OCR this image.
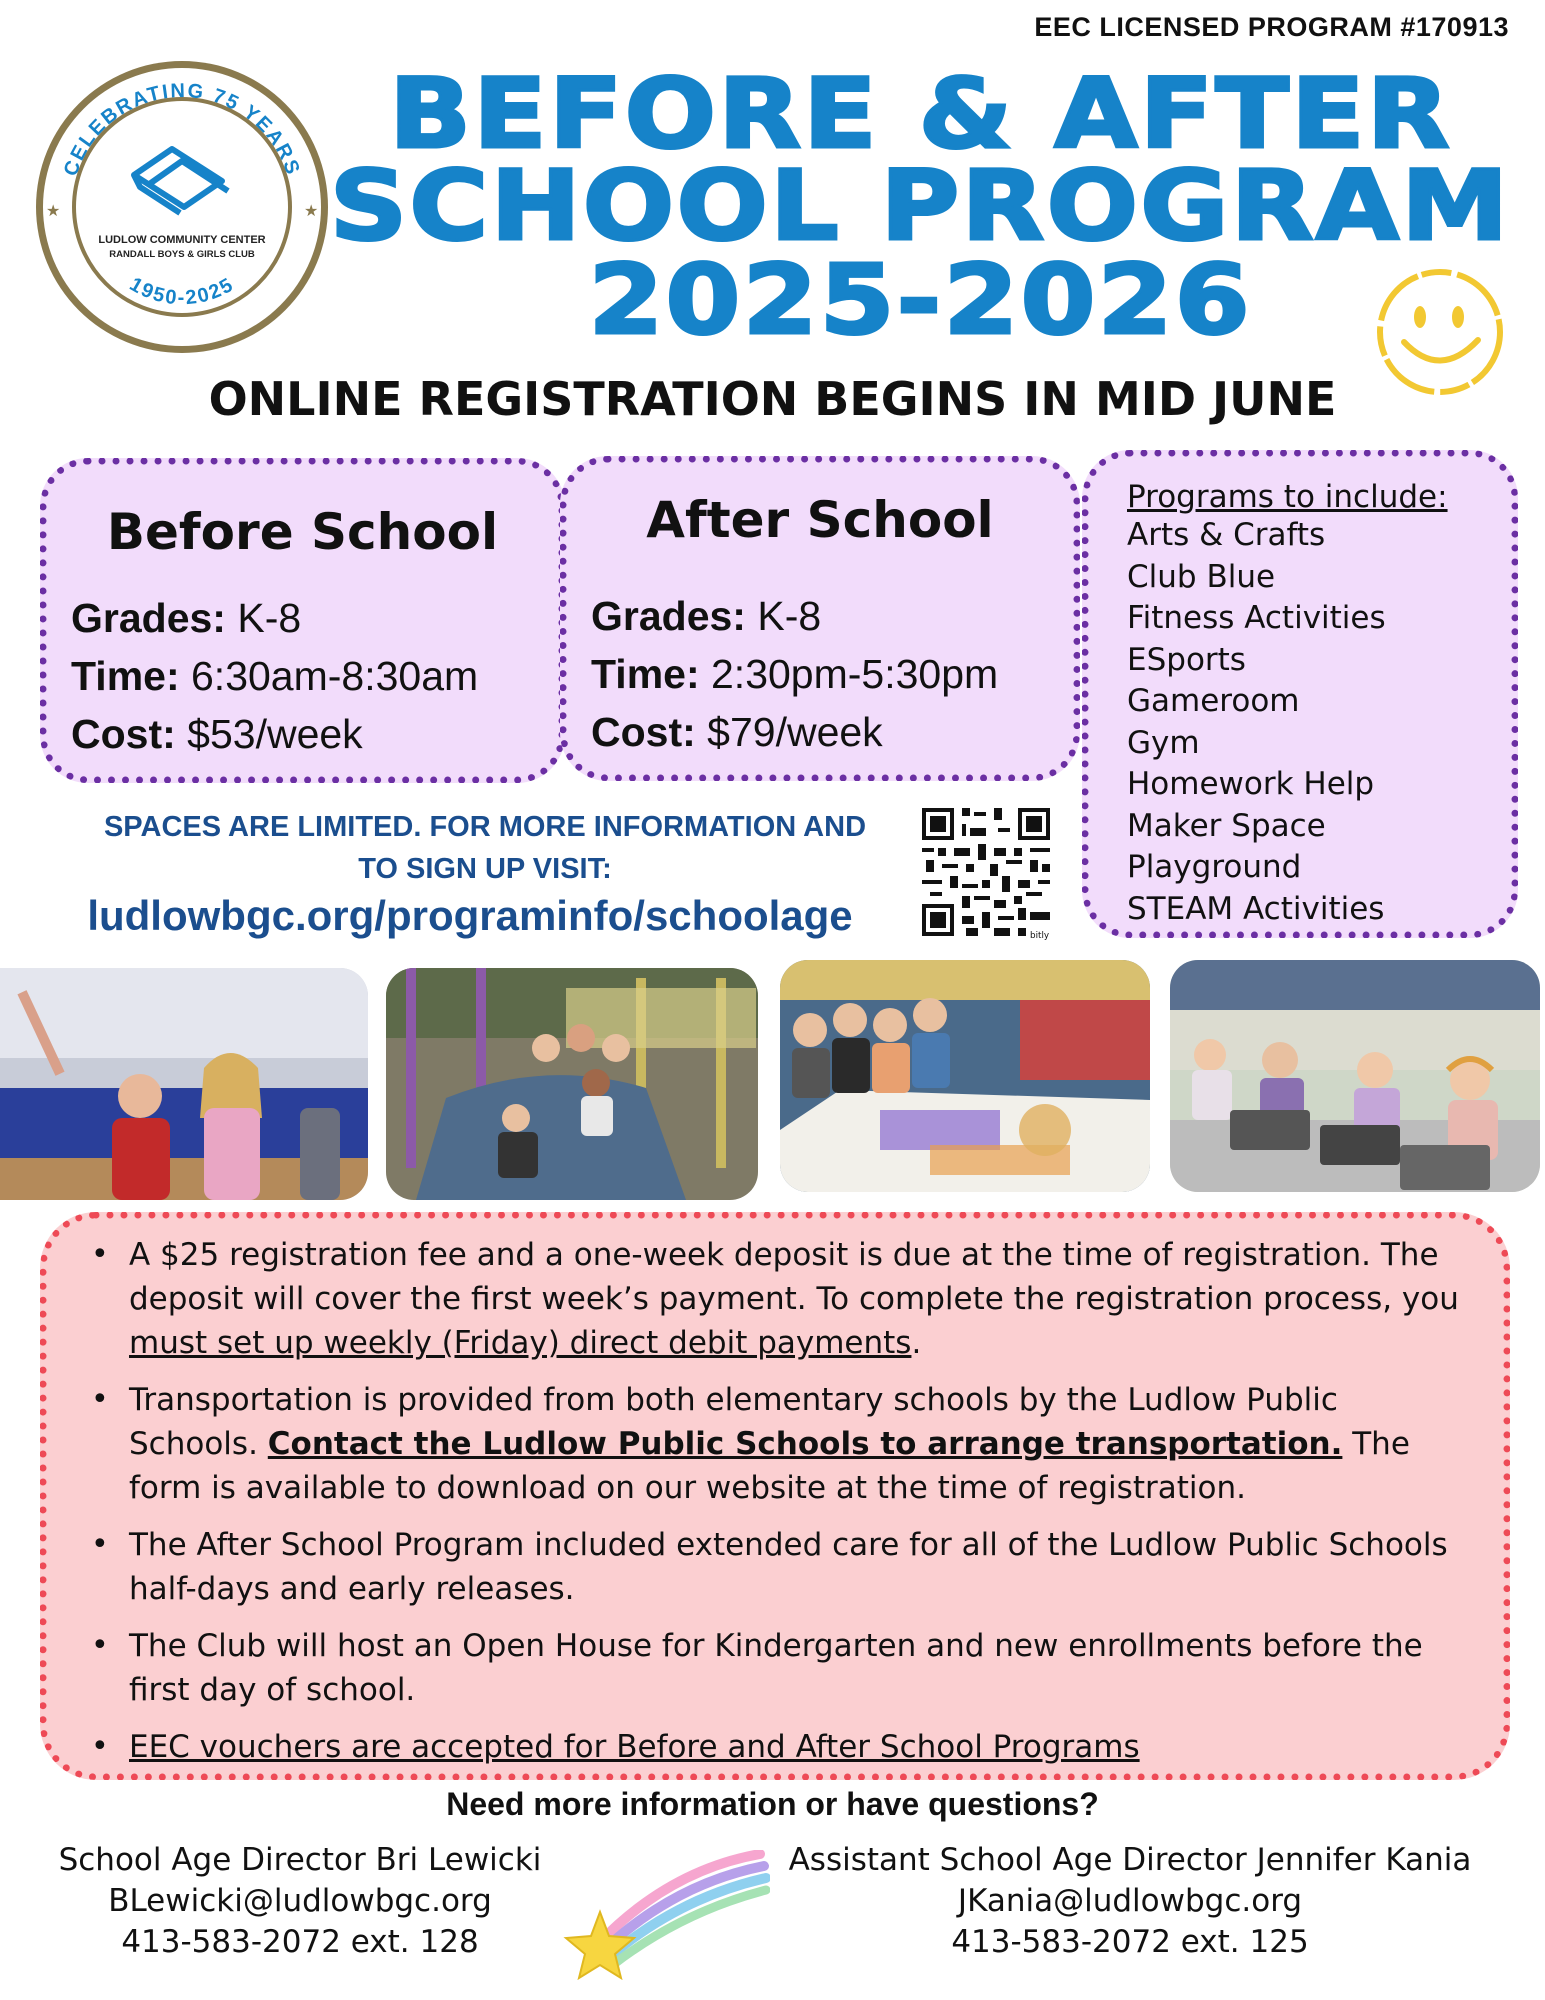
EEC LICENSED PROGRAM #170913
CELEBRATING 75 YEARS
1950-2025
★	★
LUDLOW COMMUNITY CENTER
RANDALL BOYS & GIRLS CLUB
BEFORE & AFTER
SCHOOL PROGRAM
2025-2026
ONLINE REGISTRATION BEGINS IN MID JUNE
Before School
Grades: K-8
Time: 6:30am-8:30am
Cost: $53/week
After School
Grades: K-8
Time: 2:30pm-5:30pm
Cost: $79/week
Programs to include:
Arts & Crafts
Club Blue
Fitness Activities
ESports
Gameroom
Gym
Homework Help
Maker Space
Playground
STEAM Activities
SPACES ARE LIMITED. FOR MORE INFORMATION AND
TO SIGN UP VISIT:
ludlowbgc.org/programinfo/schoolage	bitly
• A $25 registration fee and a one-week deposit is due at the time of registration. The deposit will cover the first week’s payment. To complete the registration process, you must set up weekly (Friday) direct debit payments.
• Transportation is provided from both elementary schools by the Ludlow Public Schools. Contact the Ludlow Public Schools to arrange transportation. The form is available to download on our website at the time of registration.
• The After School Program included extended care for all of the Ludlow Public Schools half-days and early releases.
• The Club will host an Open House for Kindergarten and new enrollments before the first day of school.
• EEC vouchers are accepted for Before and After School Programs
Need more information or have questions?
School Age Director Bri Lewicki
BLewicki@ludlowbgc.org
413-583-2072 ext. 128
Assistant School Age Director Jennifer Kania
JKania@ludlowbgc.org
413-583-2072 ext. 125
